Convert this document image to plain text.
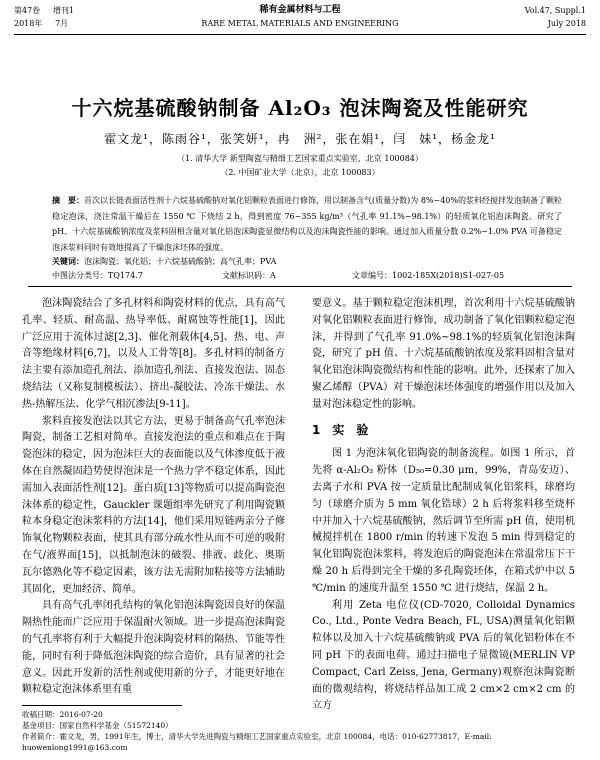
第47卷 增刊1
2018年 7月
稀有金属材料与工程
RARE METAL MATERIALS AND ENGINEERING
Vol.47, Suppl.1
July 2018
十六烷基硫酸钠制备 Al₂O₃ 泡沫陶瓷及性能研究
霍文龙¹，陈雨谷¹，张笑妍¹，冉　洲²，张在娟¹，闫　妹¹，杨金龙¹
（1. 清华大学 新型陶瓷与精细工艺国家重点实验室，北京 100084）
（2. 中国矿业大学（北京），北京 100083）
摘　要：首次以长链表面活性剂十六烷基硫酸钠对氧化铝颗粒表面进行修饰，用以制备含气(质量分数)为 8%~40%的浆料经搅拌发泡制备了颗粒稳定泡沫，浇注常温干燥后在 1550 ℃ 下烧结 2 h，得到密度 76~355 kg/m³（气孔率 91.1%~98.1%）的轻质氧化铝泡沫陶瓷。研究了 pH、十六烷基硫酸钠浓度及浆料固相含量对氧化铝泡沫陶瓷显微结构以及泡沫陶瓷性能的影响。通过加入质量分数 0.2%~1.0% PVA 可备稳定泡沫浆料同时有效地提高了干燥泡沫坯体的强度。
关键词：泡沫陶瓷；氧化铝；十六烷基硫酸钠；高气孔率；PVA
中图法分类号：TQ174.7	文献标识码：A	文章编号：1002-185X(2018)S1-027-05

泡沫陶瓷结合了多孔材料和陶瓷材料的优点，具有高气孔率、轻质、耐高温、热导率低、耐腐蚀等性能[1]，因此广泛应用于流体过滤[2,3]、催化剂载体[4,5]、热、电、声音等绝缘材料[6,7]，以及人工骨等[8]。多孔材料的制备方法主要有添加造孔剂法、添加造孔剂法、直接发泡法、固态烧结法（又称复制模板法）、挤出-凝胶法、冷冻干燥法、水热-热解压法、化学气相沉渗法[9-11]。

浆料直接发泡法以其它方法，更易于制备高气孔率泡沫陶瓷，制备工艺相对简单。直接发泡法的重点和难点在于陶瓷泡沫的稳定，因为泡沫巨大的表面能以及气体渗度低于液体在自然凝固趋势使得泡沫是一个热力学不稳定体系，因此需加入表面活性剂[12]。蛋白质[13]等物质可以提高陶瓷泡沫体系的稳定性，Gauckler 课题组率先研究了利用陶瓷颗粒本身稳定泡沫浆料的方法[14]，他们采用短链两亲分子修饰氧化物颗粒表面，使其具有部分疏水性从而不可逆的吸附在气/液界面[15]，以抵制泡沫的破裂、排液、歧化、奥斯瓦尔德熟化等不稳定因素，该方法无需附加粘接等方法辅助其固化，更加经济、简单。

具有高气孔率闭孔结构的氧化铝泡沫陶瓷因良好的保温隔热性能而广泛应用于保温耐火领域。进一步提高泡沫陶瓷的气孔率将有利于大幅提升泡沫陶瓷材料的隔热、节能等性能，同时有利于降低泡沫陶瓷的综合造价，具有显著的社会意义。因此开发新的活性剂或使用新的分子，才能更好地在颗粒稳定泡沫体系里有重

要意义。基于颗粒稳定泡沫机理，首次利用十六烷基硫酸钠对氧化铝颗粒表面进行修饰，成功制备了氧化铝颗粒稳定泡沫，并得到了气孔率 91.0%~98.1%的轻质氧化铝泡沫陶瓷，研究了 pH 值、十六烷基硫酸钠浓度及浆料固相含量对氧化铝泡沫陶瓷微结构和性能的影响。此外，还探索了加入聚乙烯醇（PVA）对干燥泡沫坯体强度的增强作用以及加入量对泡沫稳定性的影响。

1　实　验

图 1 为泡沫氧化铝陶瓷的制备流程。如图 1 所示，首先将 α-Al₂O₃ 粉体（D₅₀=0.30 μm，99%，青岛安迈）、去离子水和 PVA 按一定质量比配制成氧化铝浆料，球磨均匀（球磨介质为 5 mm 氧化锆球）2 h 后将浆料移至烧杯中并加入十六烷基硫酸钠，然后调节至所需 pH 值，使用机械搅拌机在 1800 r/min 的转速下发泡 5 min 得到稳定的氧化铝陶瓷泡沫浆料，将发泡后的陶瓷泡沫在常温常压下干燥 20 h 后得到完全干燥的多孔陶瓷坯体，在箱式炉中以 5 ℃/min 的速度升温至 1550 ℃ 进行烧结，保温 2 h。

利用 Zeta 电位仪(CD-7020, Colloidal Dynamics Co., Ltd., Ponte Vedra Beach, FL, USA)测量氧化铝颗粒体以及加入十六烷基硫酸钠或 PVA 后的氧化铝粉体在不同 pH 下的表面电荷。通过扫描电子显微镜(MERLIN VP Compact, Carl Zeiss, Jena, Germany)观察泡沫陶瓷断面的微观结构，将烧结样品加工成 2 cm×2 cm×2 cm 的立方

收稿日期：2016-07-20
基金项目：国家自然科学基金（51572140）
作者简介：霍文龙，男，1991年生，博士，清华大学先进陶瓷与精细工艺国家重点实验室，北京 100084，电话：010-62773817，E-mail: huowenlong1991@163.com
